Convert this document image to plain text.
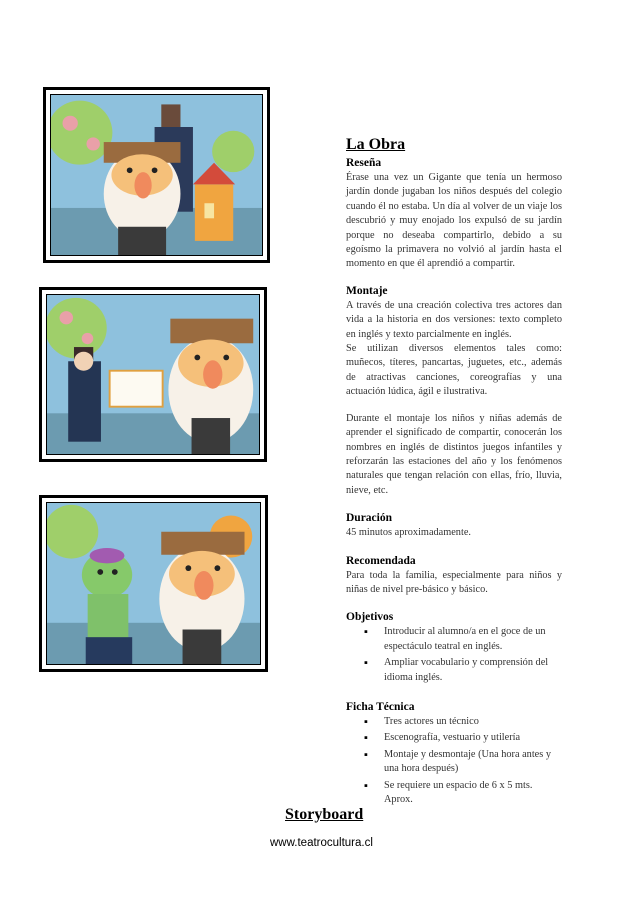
La Obra
Reseña

Érase una vez un Gigante que tenía un hermoso jardín donde jugaban los niños después del colegio cuando él no estaba. Un día al volver de un viaje los descubrió y muy enojado los expulsó de su jardín porque no deseaba compartirlo, debido a su egoísmo la primavera no volvió al jardín hasta el momento en que él aprendió a compartir.

Montaje

A través de una creación colectiva tres actores dan vida a la historia en dos versiones: texto completo en inglés y texto parcialmente en inglés.

Se utilizan diversos elementos tales como: muñecos, títeres, pancartas, juguetes, etc., además de atractivas canciones, coreografías y una actuación lúdica, ágil e ilustrativa.

Durante el montaje los niños y niñas además de aprender el significado de compartir, conocerán los nombres en inglés de distintos juegos infantiles y reforzarán las estaciones del año y los fenómenos naturales que tengan relación con ellas, frío, lluvia, nieve, etc.

Duración

45 minutos aproximadamente.

Recomendada

Para toda la familia, especialmente para niños y niñas de nivel pre-básico y básico.

Objetivos
▪ Introducir al alumno/a en el goce de un espectáculo teatral en inglés.
▪ Ampliar vocabulario y comprensión del idioma inglés.
Ficha Técnica
▪ Tres actores un técnico
▪ Escenografía, vestuario y utilería
▪ Montaje y desmontaje (Una hora antes y una hora después)
▪ Se requiere un espacio de 6 x 5 mts. Aprox.
Storyboard
www.teatrocultura.cl
